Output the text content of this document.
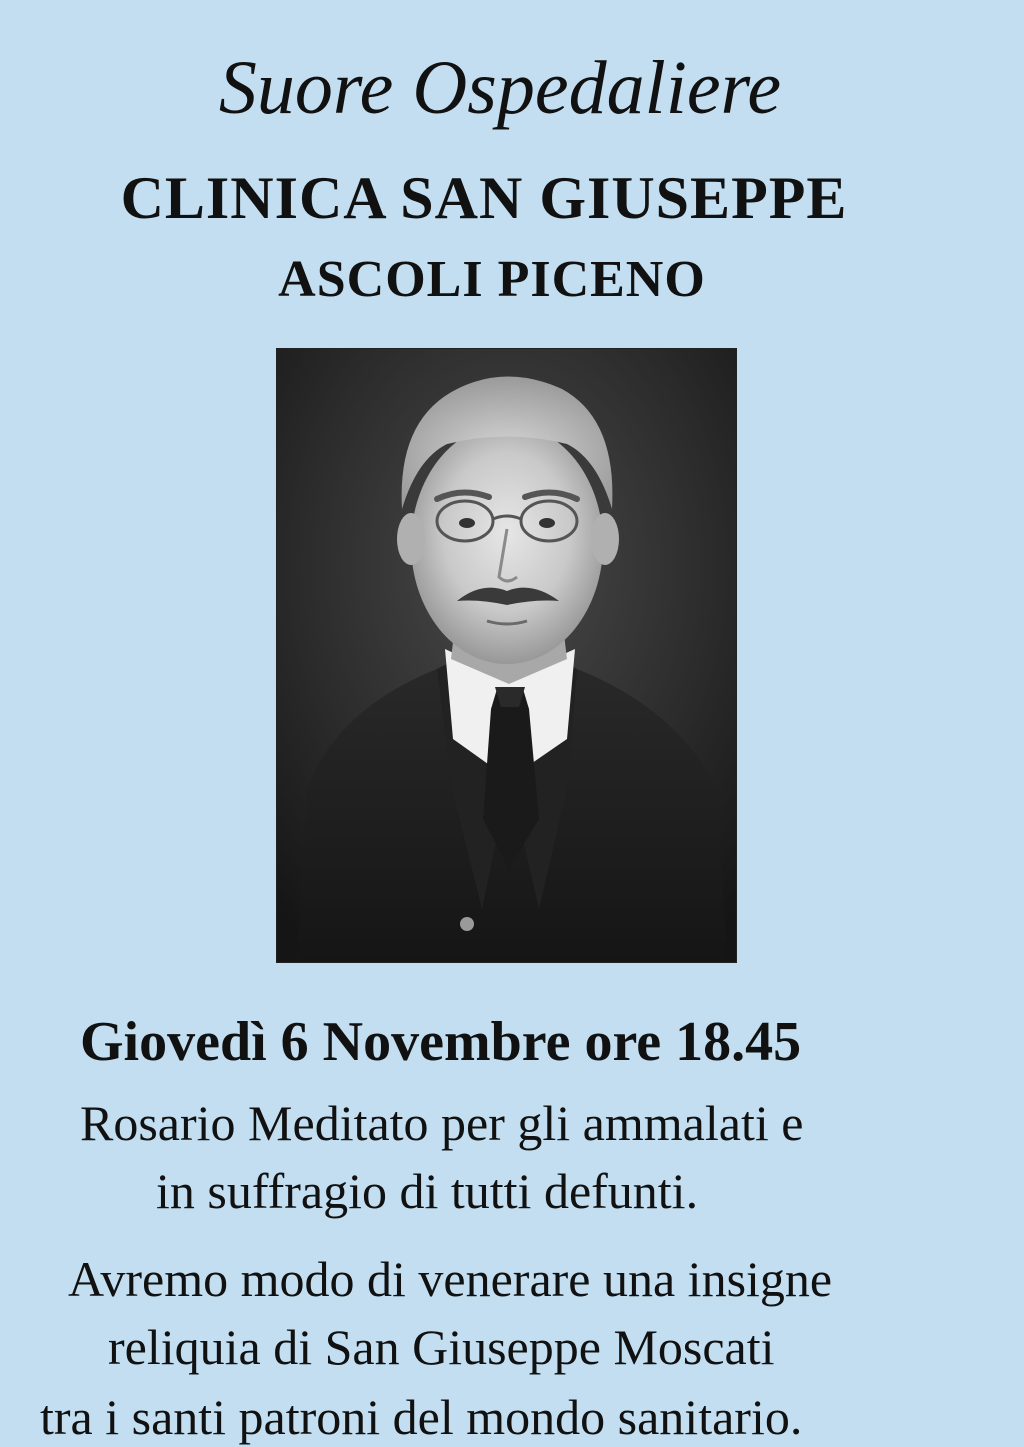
Suore Ospedaliere
CLINICA SAN GIUSEPPE
ASCOLI PICENO
Giovedì 6 Novembre ore 18.45
Rosario Meditato per gli ammalati e
in suffragio di tutti defunti.
Avremo modo di venerare una insigne
reliquia di San Giuseppe Moscati
tra i santi patroni del mondo sanitario.
